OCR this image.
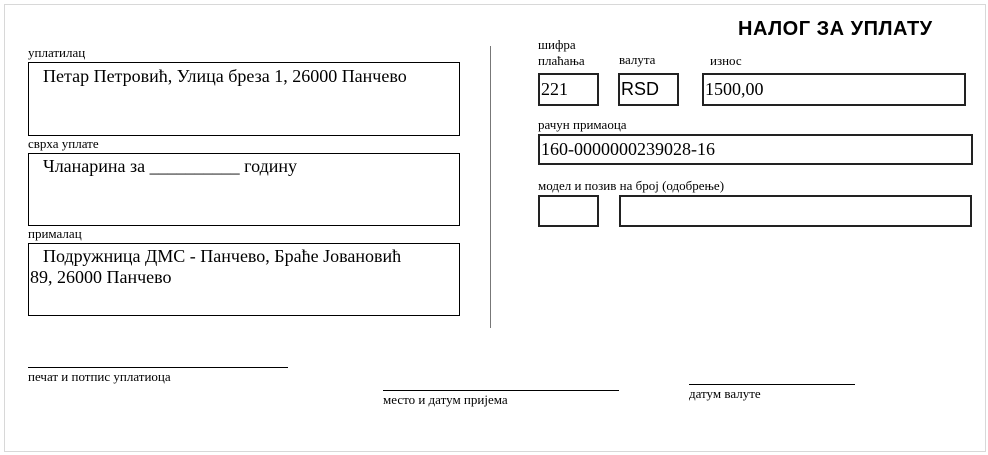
НАЛОГ ЗА УПЛАТУ
уплатилац
Петар Петровић, Улица бреза 1, 26000 Панчево
сврха уплате
Чланарина за __________ годину
прималац
Подружница ДМС - Панчево, Браће Јовановић
89, 26000 Панчево
шифра
плаћања	валута	износ
221	RSD	1500,00
рачун примаоца
160-0000000239028-16
модел и позив на број (одобрење)
печат и потпис уплатиоца
место и датум пријема	датум валуте
